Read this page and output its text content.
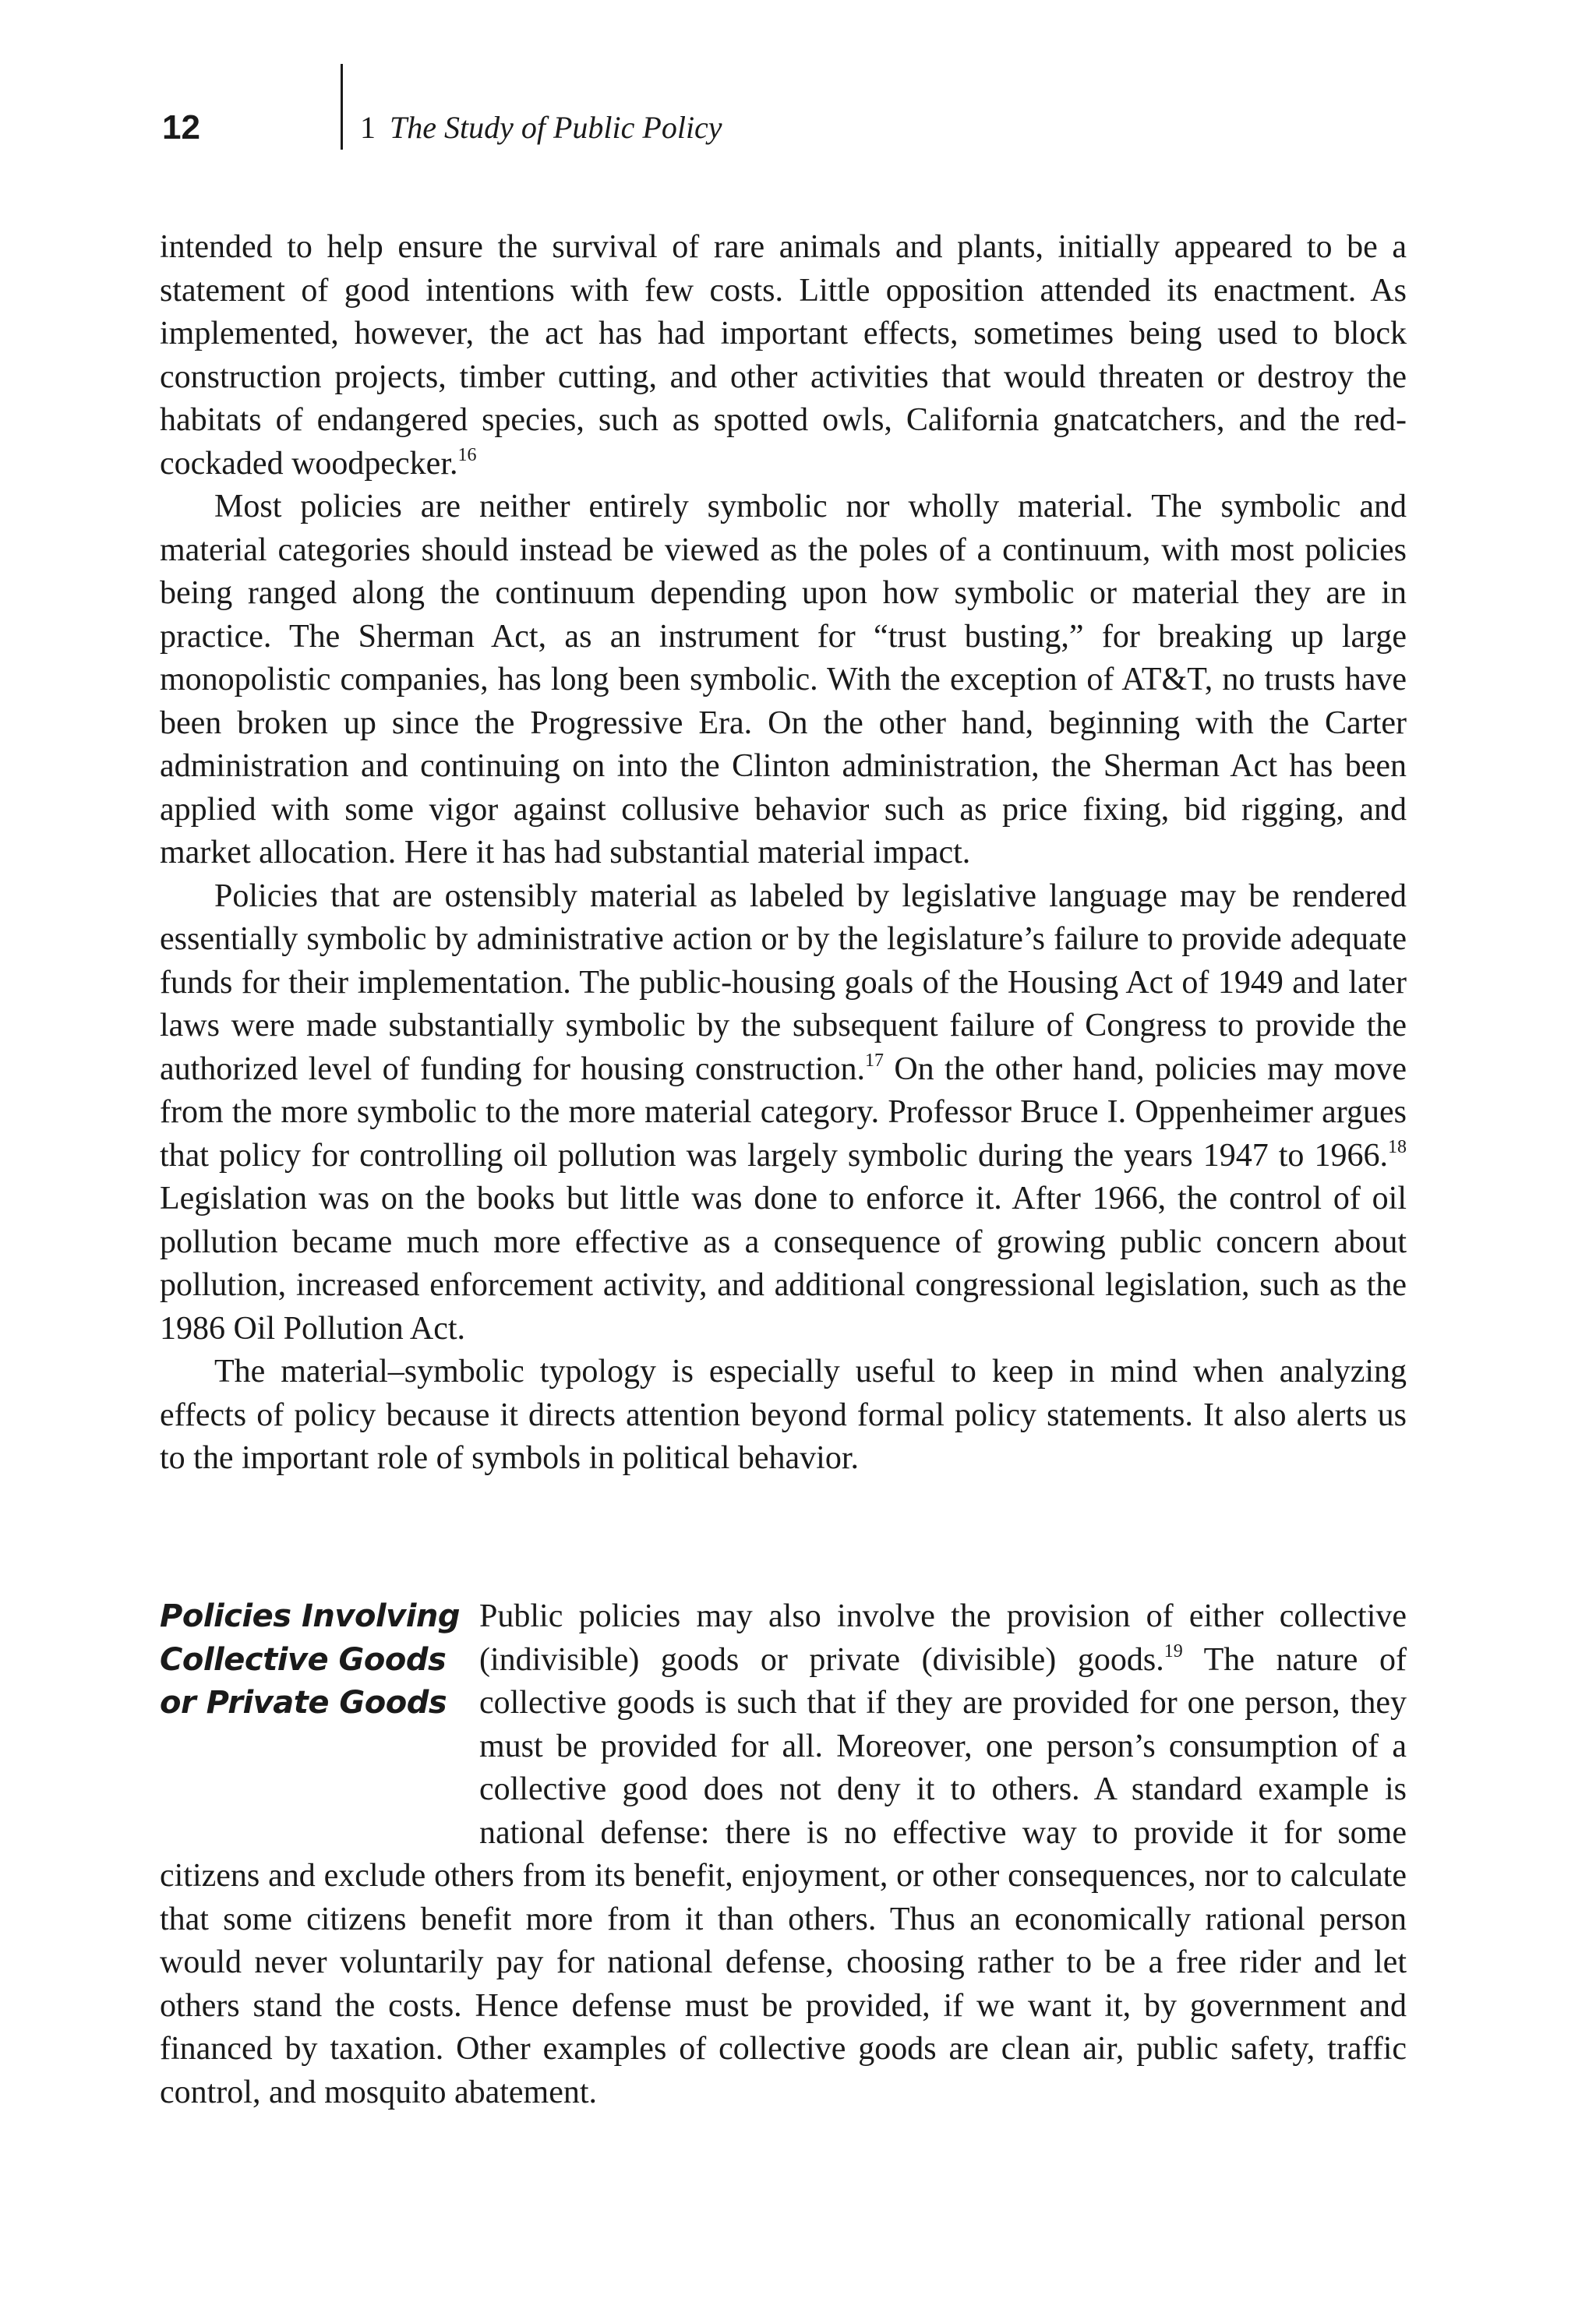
12	1 The Study of Public Policy

intended to help ensure the survival of rare animals and plants, initially appeared to be a statement of good intentions with few costs. Little opposition attended its enactment. As implemented, however, the act has had important effects, sometimes being used to block construction projects, timber cutting, and other activities that would threaten or destroy the habitats of endangered species, such as spotted owls, California gnatcatchers, and the red-cockaded woodpecker.$^{16}$

Most policies are neither entirely symbolic nor wholly material. The symbolic and material categories should instead be viewed as the poles of a continuum, with most policies being ranged along the continuum depending upon how symbolic or material they are in practice. The Sherman Act, as an instrument for “trust busting,” for breaking up large monopolistic companies, has long been symbolic. With the exception of AT&T, no trusts have been broken up since the Progressive Era. On the other hand, beginning with the Carter administration and continuing on into the Clinton administration, the Sherman Act has been applied with some vigor against collusive behavior such as price fixing, bid rigging, and market allocation. Here it has had substantial material impact.

Policies that are ostensibly material as labeled by legislative language may be rendered essentially symbolic by administrative action or by the legislature’s failure to provide adequate funds for their implementation. The public-housing goals of the Housing Act of 1949 and later laws were made substantially symbolic by the subsequent failure of Congress to provide the authorized level of funding for housing construction.$^{17}$ On the other hand, policies may move from the more symbolic to the more material category. Professor Bruce I. Oppenheimer argues that policy for controlling oil pollution was largely symbolic during the years 1947 to 1966.18 Legislation was on the books but little was done to enforce it. After 1966, the control of oil pollution became much more effective as a consequence of growing public concern about pollution, increased enforcement activity, and additional congressional legislation, such as the 1986 Oil Pollution Act.

The material–symbolic typology is especially useful to keep in mind when analyzing effects of policy because it directs attention beyond formal policy statements. It also alerts us to the important role of symbols in political behavior.

Policies Involving
Collective Goods
or Private Goods

Public policies may also involve the provision of either collective (indivisible) goods or private (divisible) goods.$^{19}$ The nature of collective goods is such that if they are provided for one person, they must be provided for all. Moreover, one person’s consumption of a collective good does not deny it to others. A standard example is national defense: there is no effective way to provide it for some citizens and exclude others from its benefit, enjoyment, or other consequences, nor to calculate that some citizens benefit more from it than others. Thus an economically rational person would never voluntarily pay for national defense, choosing rather to be a free rider and let others stand the costs. Hence defense must be provided, if we want it, by government and financed by taxation. Other examples of collective goods are clean air, public safety, traffic control, and mosquito abatement.
